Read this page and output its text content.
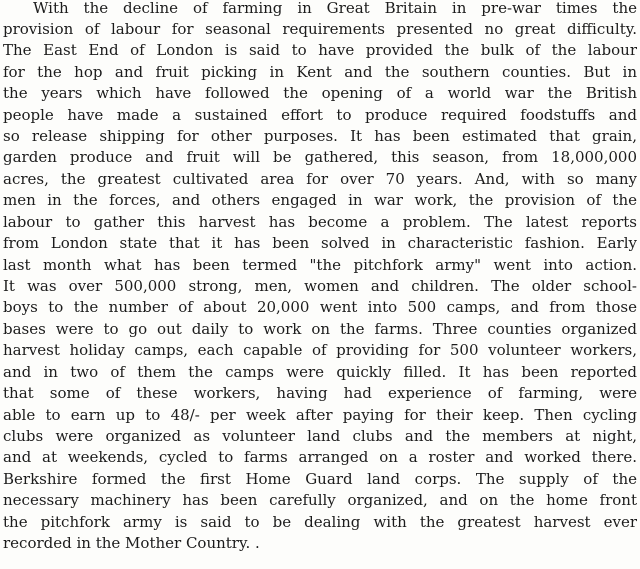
With the decline of farming in Great Britain in pre-war times the
provision of labour for seasonal requirements presented no great difficulty.
The East End of London is said to have provided the bulk of the labour
for the hop and fruit picking in Kent and the southern counties. But in
the years which have followed the opening of a world war the British
people have made a sustained effort to produce required foodstuffs and
so release shipping for other purposes. It has been estimated that grain,
garden produce and fruit will be gathered, this season, from 18,000,000
acres, the greatest cultivated area for over 70 years. And, with so many
men in the forces, and others engaged in war work, the provision of the
labour to gather this harvest has become a problem. The latest reports
from London state that it has been solved in characteristic fashion. Early
last month what has been termed "the pitchfork army" went into action.
It was over 500,000 strong, men, women and children. The older school-
boys to the number of about 20,000 went into 500 camps, and from those
bases were to go out daily to work on the farms. Three counties organized
harvest holiday camps, each capable of providing for 500 volunteer workers,
and in two of them the camps were quickly filled. It has been reported
that some of these workers, having had experience of farming, were
able to earn up to 48/- per week after paying for their keep. Then cycling
clubs were organized as volunteer land clubs and the members at night,
and at weekends, cycled to farms arranged on a roster and worked there.
Berkshire formed the first Home Guard land corps. The supply of the
necessary machinery has been carefully organized, and on the home front
the pitchfork army is said to be dealing with the greatest harvest ever
recorded in the Mother Country. .
